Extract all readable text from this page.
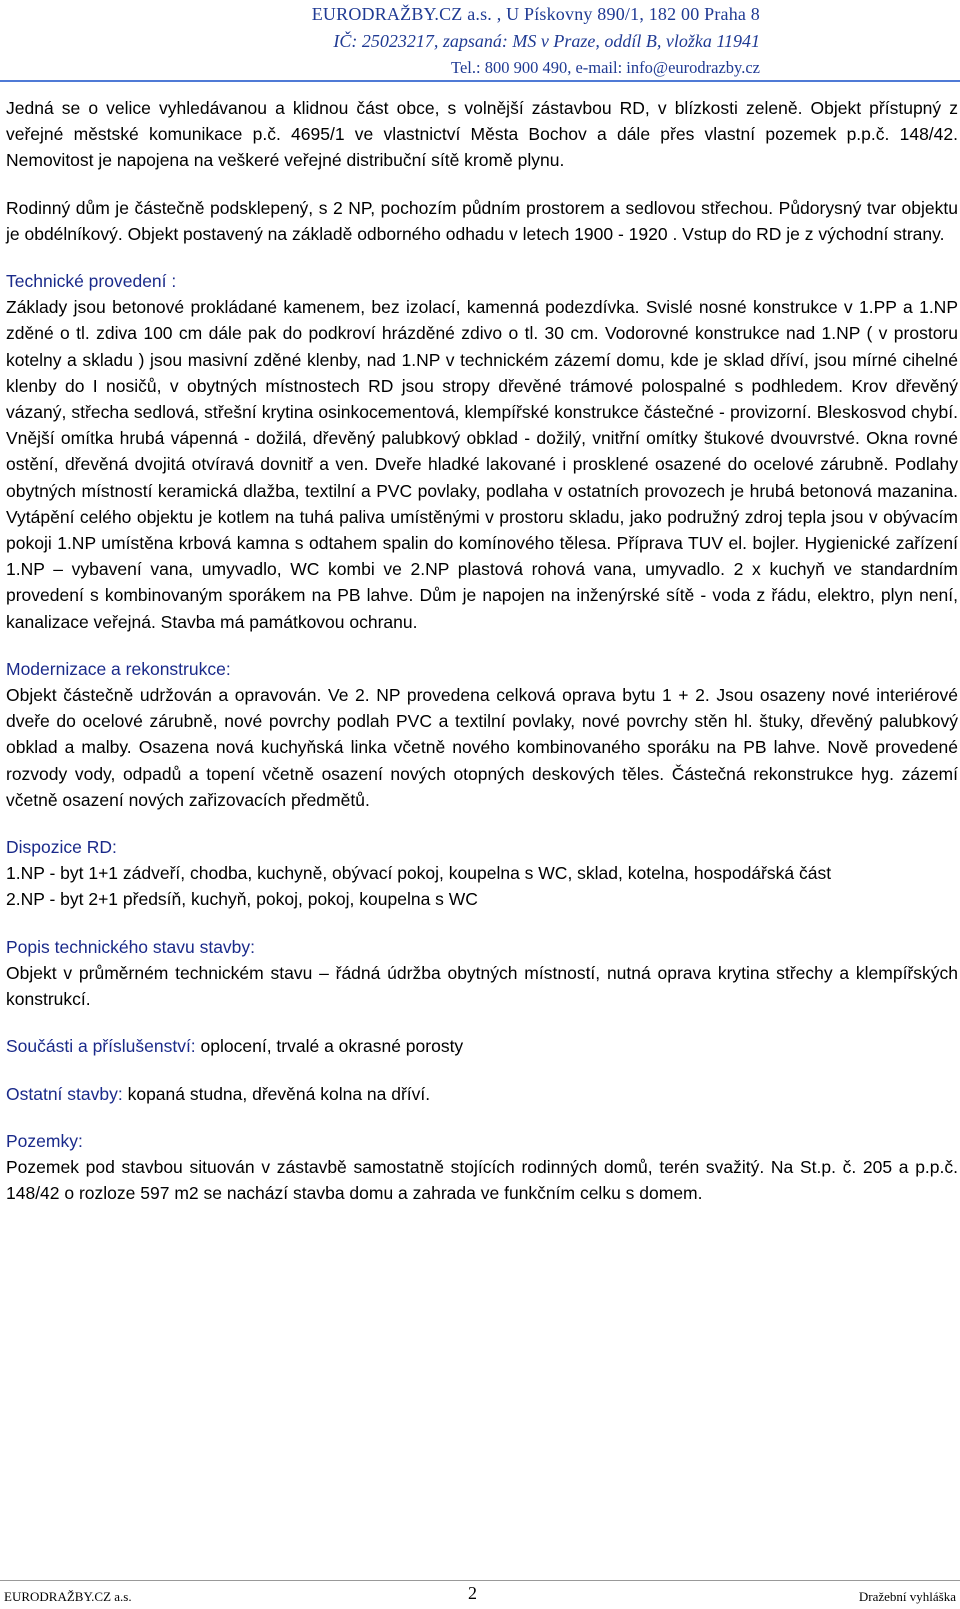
EURODRAŽBY.CZ a.s. , U Pískovny 890/1, 182 00 Praha 8
IČ: 25023217, zapsaná: MS v Praze, oddíl B, vložka 11941
Tel.: 800 900 490, e-mail: info@eurodrazby.cz

Jedná se o velice vyhledávanou a klidnou část obce, s volnější zástavbou RD, v blízkosti zeleně. Objekt přístupný z veřejné městské komunikace p.č. 4695/1 ve vlastnictví Města Bochov a dále přes vlastní pozemek p.p.č. 148/42. Nemovitost je napojena na veškeré veřejné distribuční sítě kromě plynu.

Rodinný dům je částečně podsklepený, s 2 NP, pochozím půdním prostorem a sedlovou střechou. Půdorysný tvar objektu je obdélníkový. Objekt postavený na základě odborného odhadu v letech 1900 - 1920 . Vstup do RD je z východní strany.

Technické provedení :
Základy jsou betonové prokládané kamenem, bez izolací, kamenná podezdívka. Svislé nosné konstrukce v 1.PP a 1.NP zděné o tl. zdiva 100 cm dále pak do podkroví hrázděné zdivo o tl. 30 cm. Vodorovné konstrukce nad 1.NP ( v prostoru kotelny a skladu ) jsou masivní zděné klenby, nad 1.NP v technickém zázemí domu, kde je sklad dříví, jsou mírné cihelné klenby do I nosičů, v obytných místnostech RD jsou stropy dřevěné trámové polospalné s podhledem. Krov dřevěný vázaný, střecha sedlová, střešní krytina osinkocementová, klempířské konstrukce částečné - provizorní. Bleskosvod chybí. Vnější omítka hrubá vápenná - dožilá, dřevěný palubkový obklad - dožilý, vnitřní omítky štukové dvouvrstvé. Okna rovné ostění, dřevěná dvojitá otvíravá dovnitř a ven. Dveře hladké lakované i prosklené osazené do ocelové zárubně. Podlahy obytných místností keramická dlažba, textilní a PVC povlaky, podlaha v ostatních provozech je hrubá betonová mazanina. Vytápění celého objektu je kotlem na tuhá paliva umístěnými v prostoru skladu, jako podružný zdroj tepla jsou v obývacím pokoji 1.NP umístěna krbová kamna s odtahem spalin do komínového tělesa. Příprava TUV el. bojler. Hygienické zařízení 1.NP – vybavení vana, umyvadlo, WC kombi ve 2.NP plastová rohová vana, umyvadlo. 2 x kuchyň ve standardním provedení s kombinovaným sporákem na PB lahve. Dům je napojen na inženýrské sítě - voda z řádu, elektro, plyn není, kanalizace veřejná. Stavba má památkovou ochranu.

Modernizace a rekonstrukce:
Objekt částečně udržován a opravován. Ve 2. NP provedena celková oprava bytu 1 + 2. Jsou osazeny nové interiérové dveře do ocelové zárubně, nové povrchy podlah PVC a textilní povlaky, nové povrchy stěn hl. štuky, dřevěný palubkový obklad a malby. Osazena nová kuchyňská linka včetně nového kombinovaného sporáku na PB lahve. Nově provedené rozvody vody, odpadů a topení včetně osazení nových otopných deskových těles. Částečná rekonstrukce hyg. zázemí včetně osazení nových zařizovacích předmětů.

Dispozice RD:
1.NP - byt 1+1 zádveří, chodba, kuchyně, obývací pokoj, koupelna s WC, sklad, kotelna, hospodářská část
2.NP - byt 2+1 předsíň, kuchyň, pokoj, pokoj, koupelna s WC

Popis technického stavu stavby:
Objekt v průměrném technickém stavu – řádná údržba obytných místností, nutná oprava krytina střechy a klempířských konstrukcí.

Součásti a příslušenství: oplocení, trvalé a okrasné porosty

Ostatní stavby: kopaná studna, dřevěná kolna na dříví.

Pozemky:
Pozemek pod stavbou situován v zástavbě samostatně stojících rodinných domů, terén svažitý. Na St.p. č. 205 a p.p.č. 148/42 o rozloze 597 m2 se nachází stavba domu a zahrada ve funkčním celku s domem.

EURODRAŽBY.CZ a.s.	2	Dražební vyhláška
